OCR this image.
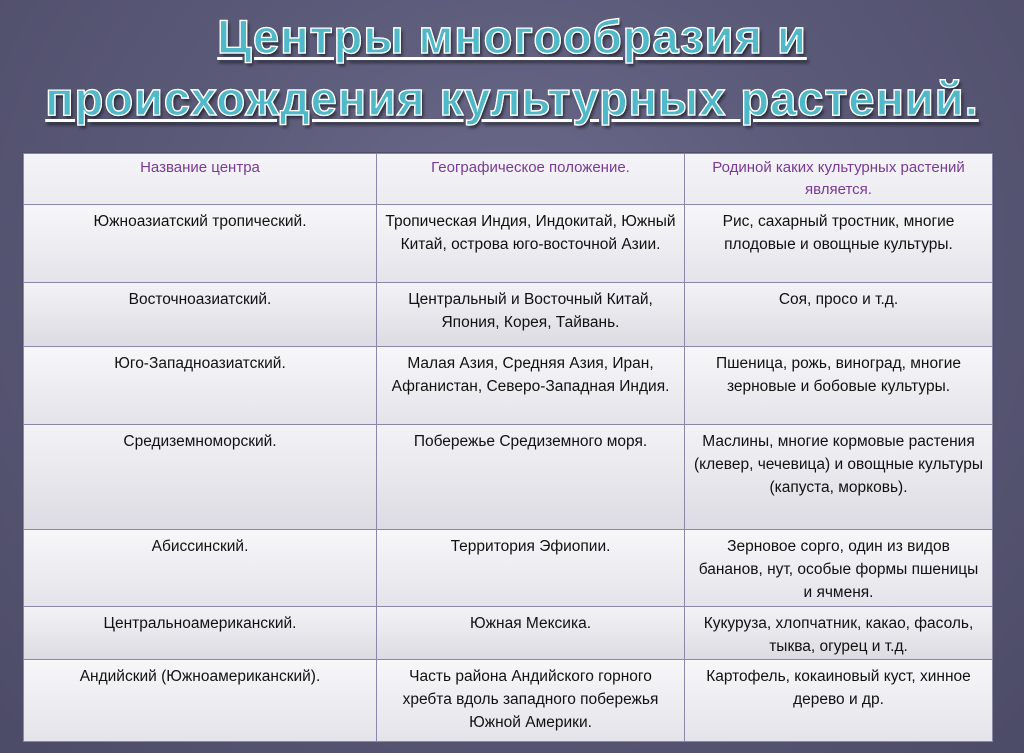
Центры многообразия и
происхождения культурных растений.
Название центра	Географическое положение.	Родиной каких культурных растений является.
Южноазиатский тропический.	Тропическая Индия, Индокитай, Южный Китай, острова юго-восточной Азии.	Рис, сахарный тростник, многие плодовые и овощные культуры.
Восточноазиатский.	Центральный и Восточный Китай, Япония, Корея, Тайвань.	Соя, просо и т.д.
Юго-Западноазиатский.	Малая Азия, Средняя Азия, Иран, Афганистан, Северо-Западная Индия.	Пшеница, рожь, виноград, многие зерновые и бобовые культуры.
Средиземноморский.	Побережье Средиземного моря.	Маслины, многие кормовые растения (клевер, чечевица) и овощные культуры (капуста, морковь).
Абиссинский.	Территория Эфиопии.	Зерновое сорго, один из видов бананов, нут, особые формы пшеницы и ячменя.
Центральноамериканский.	Южная Мексика.	Кукуруза, хлопчатник, какао, фасоль, тыква, огурец и т.д.
Андийский (Южноамериканский).	Часть района Андийского горного хребта вдоль западного побережья Южной Америки.	Картофель, кокаиновый куст, хинное дерево и др.
